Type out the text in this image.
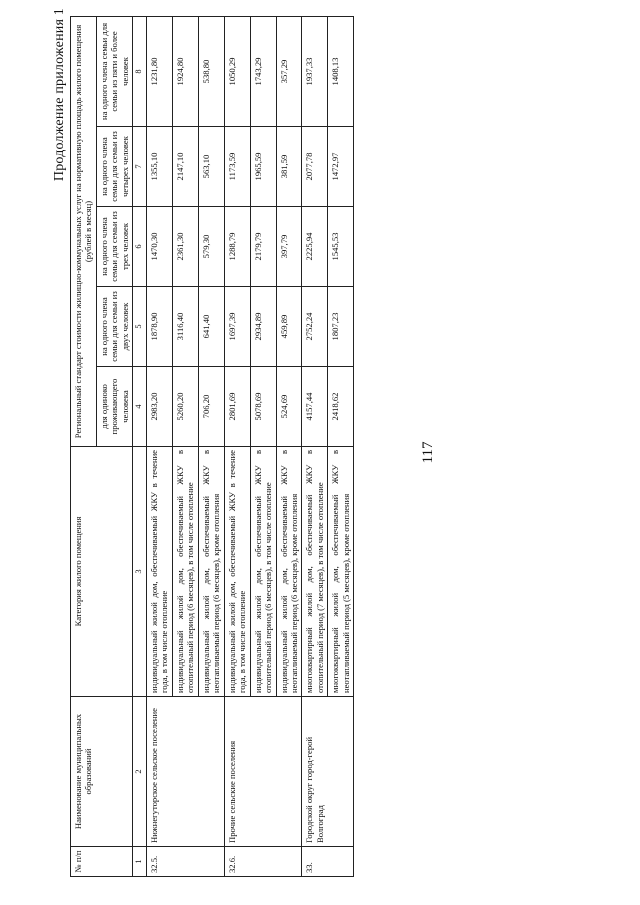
Продолжение приложения 1
117
№ п/п	Наименование муниципальных образований	Категория жилого помещения	Региональный стандарт стоимости жилищно-коммунальных услуг на нормативную площадь жилого помещения (рублей в месяц)				
			для одиноко проживающего человека	на одного члена семьи для семьи из двух человек	на одного члена семьи для семьи из трех человек	на одного члена семьи для семьи из четырех человек	на одного члена семьи для семьи из пяти и более человек

1	2	3	4	5	6	7	8
32.5.	Нижнегуторское сельское поселение	индивидуальный жилой дом, обеспечиваемый ЖКУ в течение года, в том числе отопление	2983,20	1878,90	1470,30	1355,10	1231,80
		индивидуальный жилой дом, обеспечиваемый ЖКУ в отопительный период (6 месяцев), в том числе отопление	5260,20	3116,40	2361,30	2147,10	1924,80
		индивидуальный жилой дом, обеспечиваемый ЖКУ в неотапливаемый период (6 месяцев), кроме отопления	706,20	641,40	579,30	563,10	538,80
32.6.	Прочие сельские поселения	индивидуальный жилой дом, обеспечиваемый ЖКУ в течение года, в том числе отопление	2801,69	1697,39	1288,79	1173,59	1050,29
		индивидуальный жилой дом, обеспечиваемый ЖКУ в отопительный период (6 месяцев), в том числе отопление	5078,69	2934,89	2179,79	1965,59	1743,29
		индивидуальный жилой дом, обеспечиваемый ЖКУ в неотапливаемый период (6 месяцев), кроме отопления	524,69	459,89	397,79	381,59	357,29
33.	Городской округ город-герой Волгоград	многоквартирный жилой дом, обеспечиваемый ЖКУ в отопительный период (7 месяцев), в том числе отопление	4157,44	2752,24	2225,94	2077,78	1937,33
		многоквартирный жилой дом, обеспечиваемый ЖКУ в неотапливаемый период (5 месяцев), кроме отопления	2418,62	1807,23	1545,53	1472,97	1408,13
